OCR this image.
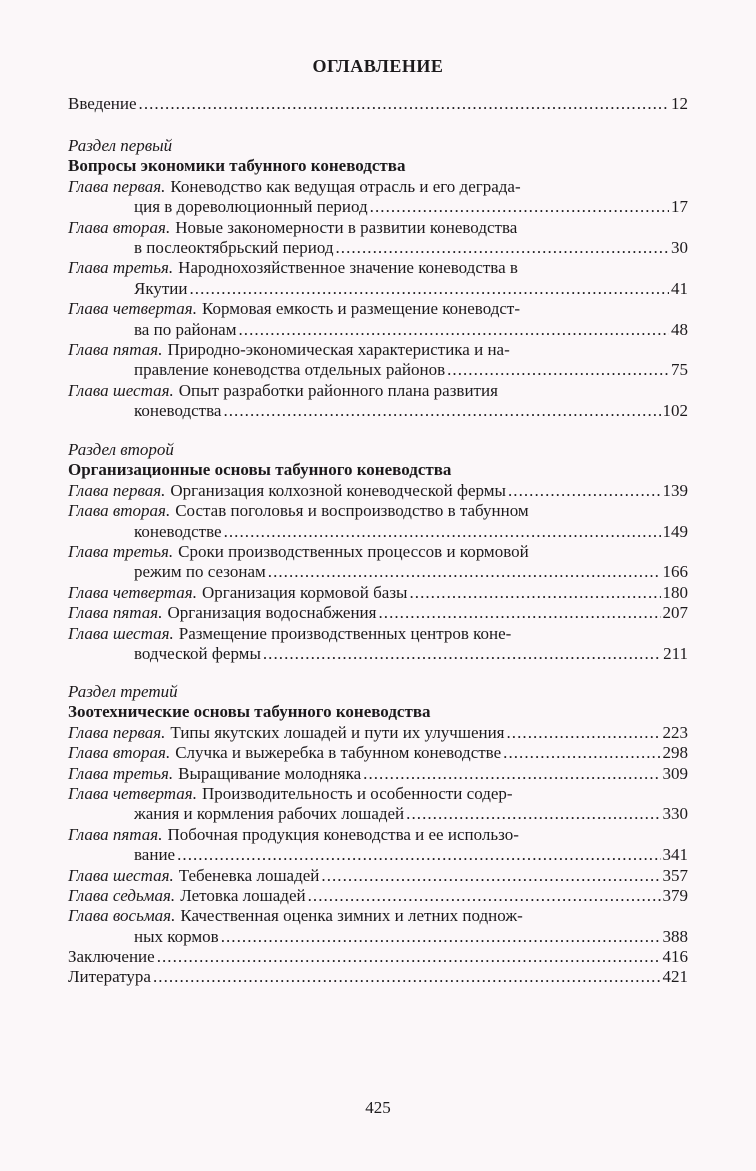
ОГЛАВЛЕНИЕ
Введение . . .	12
Раздел первый
Вопросы экономики табунного коневодства
Глава первая. Коневодство как ведущая отрасль и его деграда-
ция в дореволюционный период . . .	17
Глава вторая. Новые закономерности в развитии коневодства
в послеоктябрьский период . . .	30
Глава третья. Народнохозяйственное значение коневодства в
Якутии . . .	41
Глава четвертая. Кормовая емкость и размещение коневодст-
ва по районам . . .	48
Глава пятая. Природно-экономическая характеристика и на-
правление коневодства отдельных районов . . .	75
Глава шестая. Опыт разработки районного плана развития
коневодства . . .	102
Раздел второй
Организационные основы табунного коневодства
Глава первая. Организация колхозной коневодческой фермы . . .	139
Глава вторая. Состав поголовья и воспроизводство в табунном
коневодстве . . .	149
Глава третья. Сроки производственных процессов и кормовой
режим по сезонам . . .	166
Глава четвертая. Организация кормовой базы . . .	180
Глава пятая. Организация водоснабжения . . .	207
Глава шестая. Размещение производственных центров коне-
водческой фермы . . .	211
Раздел третий
Зоотехнические основы табунного коневодства
Глава первая. Типы якутских лошадей и пути их улучшения . . .	223
Глава вторая. Случка и выжеребка в табунном коневодстве . . .	298
Глава третья. Выращивание молодняка . . .	309
Глава четвертая. Производительность и особенности содер-
жания и кормления рабочих лошадей . . .	330
Глава пятая. Побочная продукция коневодства и ее использо-
вание . . .	341
Глава шестая. Тебеневка лошадей . . .	357
Глава седьмая. Летовка лошадей . . .	379
Глава восьмая. Качественная оценка зимних и летних поднож-
ных кормов . . .	388
Заключение . . .	416
Литература . . .	421
425
